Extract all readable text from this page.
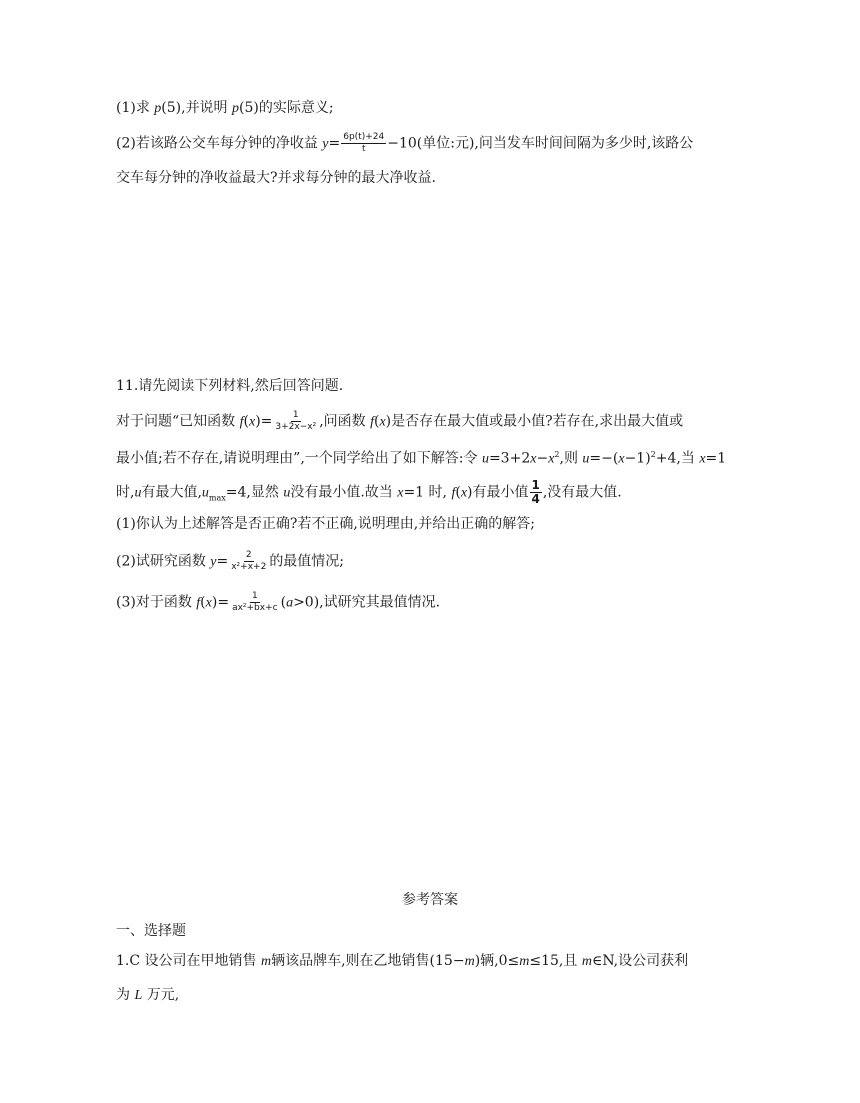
(1)求 p(5),并说明 p(5)的实际意义;
(2)若该路公交车每分钟的净收益 $y= \frac{6p(t)+24}{t} -10$(单位:元),问当发车时间间隔为多少时,该路公
交车每分钟的净收益最大?并求每分钟的最大净收益.
11.请先阅读下列材料,然后回答问题.
对于问题“已知函数 $f(x)= \frac{1}{\text{3+2x−x²}}$ ,问函数 f(x)是否存在最大值或最小值?若存在,求出最大值或
最小值;若不存在,请说明理由”,一个同学给出了如下解答:令 $u=3+2x-x^2$,则 $u=-(x-1)^2+4$,当 x=1
时,u有最大值$,u_{max}=4$,显然 u没有最小值.故当 x=1 时, f(x)有最小值 $\frac{1}{4}$ ,没有最大值.
(1)你认为上述解答是否正确?若不正确,说明理由,并给出正确的解答;
(2)试研究函数 $y= \frac{2}{\text{x²+x+2}}$ 的最值情况;
(3)对于函数 $f(x)= \frac{1}{\text{ax²+bx+c}} (a>0)$,试研究其最值情况.
参考答案
一、选择题
1.C 设公司在甲地销售 m辆该品牌车,则在乙地销售(15−m)辆,0≤m≤15,且 m∈N,设公司获利
为 L 万元,
